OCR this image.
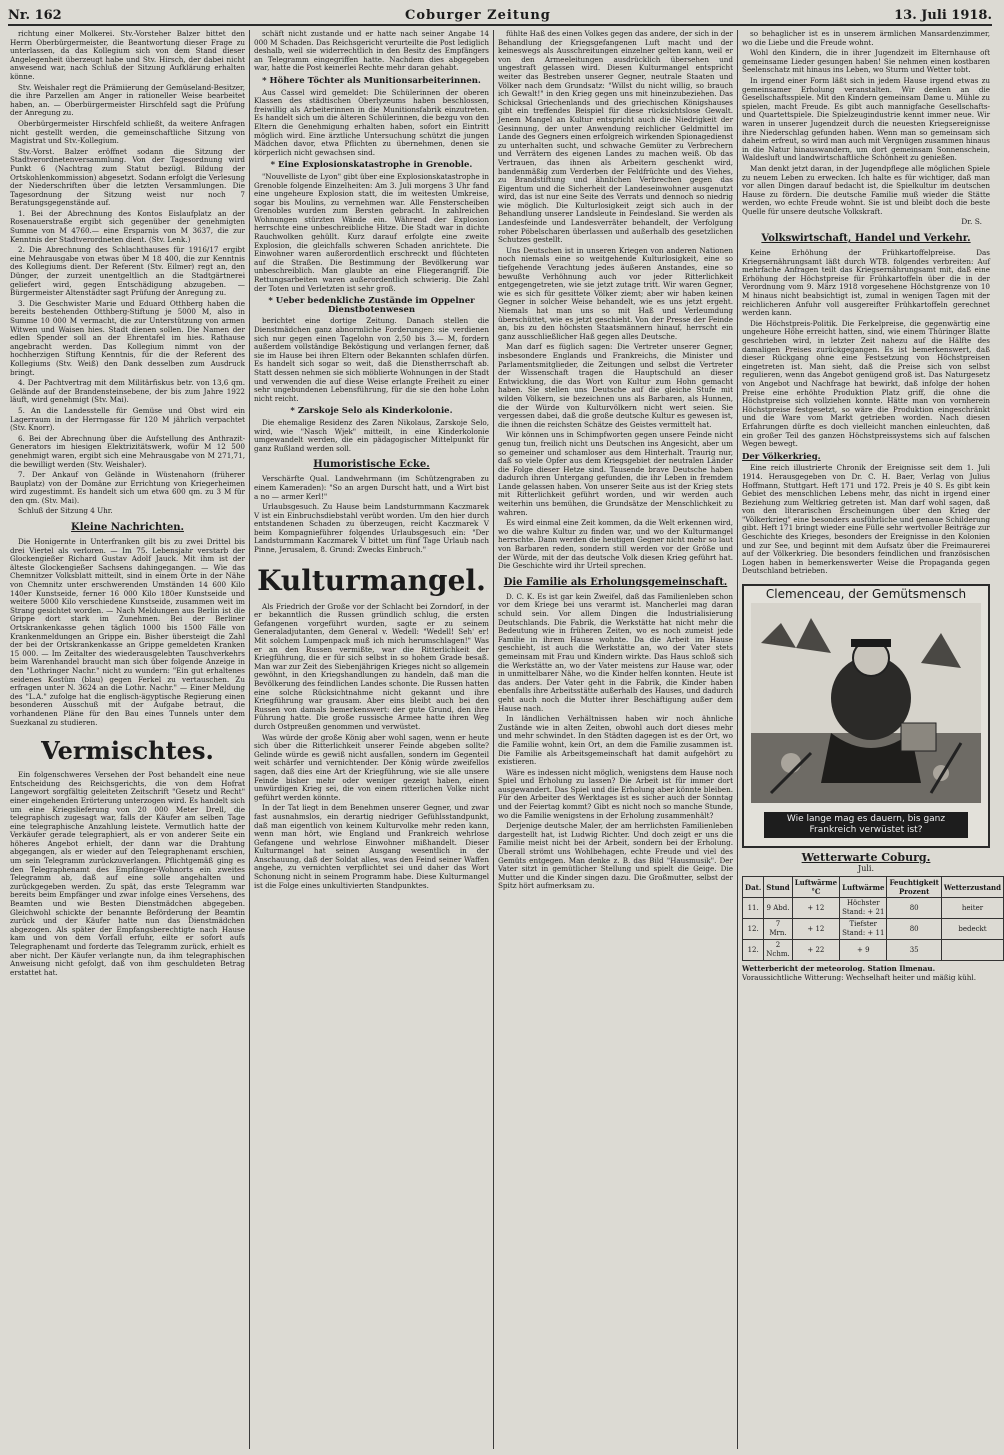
Nr. 162	Coburger Zeitung	13. Juli 1918.

richtung einer Molkerei. Stv.-Vorsteher Balzer bittet den Herrn Oberbürgermeister, die Beantwortung dieser Frage zu unterlassen, da das Kollegium sich von dem Stand dieser Angelegenheit überzeugt habe und Stv. Hirsch, der dabei nicht anwesend war, nach Schluß der Sitzung Aufklärung erhalten könne.

Stv. Weishaler regt die Prämiierung der Gemüseland-Besitzer, die ihre Parzellen am Anger in rationeller Weise bearbeitet haben, an. — Oberbürgermeister Hirschfeld sagt die Prüfung der Anregung zu.

Oberbürgermeister Hirschfeld schließt, da weitere Anfragen nicht gestellt werden, die gemeinschaftliche Sitzung von Magistrat und Stv.-Kollegium.

Stv.-Vorst. Balzer eröffnet sodann die Sitzung der Stadtverordnetenversammlung. Von der Tagesordnung wird Punkt 6 (Nachtrag zum Statut bezügl. Bildung der Ortskohlenkommission) abgesetzt. Sodann erfolgt die Verlesung der Niederschriften über die letzten Versammlungen. Die Tagesordnung der Sitzung weist nur noch 7 Beratungsgegenstände auf.

1. Bei der Abrechnung des Kontos Eislaufplatz an der Rosenauerstraße ergibt sich gegenüber der genehmigten Summe von M 4760.— eine Ersparnis von M 3637, die zur Kenntnis der Stadtverordneten dient. (Stv. Lenk.)

2. Die Abrechnung des Schlachthauses für 1916/17 ergibt eine Mehrausgabe von etwas über M 18 400, die zur Kenntnis des Kollegiums dient. Der Referent (Stv. Eilmer) regt an, den Dünger, der zurzeit unentgeltlich an die Stadtgärtnerei geliefert wird, gegen Entschädigung abzugeben. — Bürgermeister Altenstädter sagt Prüfung der Anregung zu.

3. Die Geschwister Marie und Eduard Otthberg haben die bereits bestehenden Otthberg-Stiftung je 5000 M, also in Summe 10 000 M vermacht, die zur Unterstützung von armen Witwen und Waisen hies. Stadt dienen sollen. Die Namen der edlen Spender soll an der Ehrentafel im hies. Rathause angebracht werden. Das Kollegium nimmt von der hochherzigen Stiftung Kenntnis, für die der Referent des Kollegiums (Stv. Weiß) den Dank desselben zum Ausdruck bringt.

4. Der Pachtvertrag mit dem Militärfiskus betr. von 13,6 qm. Gelände auf der Brandensteinsebene, der bis zum Jahre 1922 läuft, wird genehmigt (Stv. Mai).

5. An die Landesstelle für Gemüse und Obst wird ein Lagerraum in der Herrngasse für 120 M jährlich verpachtet (Stv. Knorr).

6. Bei der Abrechnung über die Aufstellung des Anthrazit-Generators im hiesigen Elektrizitätswerk, wofür M 12 500 genehmigt waren, ergibt sich eine Mehrausgabe von M 271,71, die bewilligt werden (Stv. Weishaler).

7. Der Ankauf von Gelände in Wüstenahorn (früherer Bauplatz) von der Domäne zur Errichtung von Kriegerheimen wird zugestimmt. Es handelt sich um etwa 600 qm. zu 3 M für den qm. (Stv. Mai).

Schluß der Sitzung 4 Uhr.

Kleine Nachrichten.

Die Honigernte in Unterfranken gilt bis zu zwei Drittel bis drei Viertel als verloren. — Im 75. Lebensjahr verstarb der Glockengießer Richard Gustav Adolf Jauck. Mit ihm ist der älteste Glockengießer Sachsens dahingegangen. — Wie das Chemnitzer Volksblatt mitteilt, sind in einem Orte in der Nähe von Chemnitz unter erschwerenden Umständen 14 600 Kilo 140er Kunstseide, ferner 16 000 Kilo 180er Kunstseide und weitere 5000 Kilo verschiedene Kunstseide, zusammen weit im Strang gesichtet worden. — Nach Meldungen aus Berlin ist die Grippe dort stark im Zunehmen. Bei der Berliner Ortskrankenkasse gehen täglich 1000 bis 1500 Fälle von Krankenmeldungen an Grippe ein. Bisher übersteigt die Zahl der bei der Ortskrankenkasse an Grippe gemeldeten Kranken 15 000. — Im Zeitalter des wiederausgelebten Tauschverkehrs beim Warenhandel braucht man sich über folgende Anzeige in den "Lothringer Nachr." nicht zu wundern: "Ein gut erhaltenes seidenes Kostüm (blau) gegen Ferkel zu vertauschen. Zu erfragen unter N. 3624 an die Lothr. Nachr." — Einer Meldung des "L.A." zufolge hat die englisch-ägyptische Regierung einen besonderen Ausschuß mit der Aufgabe betraut, die vorhandenen Pläne für den Bau eines Tunnels unter dem Suezkanal zu studieren.

Vermischtes.

Ein folgenschweres Versehen der Post behandelt eine neue Entscheidung des Reichsgerichts, die von dem Hofrat Langewort sorgfältig geleiteten Zeitschrift "Gesetz und Recht" einer eingehenden Erörterung unterzogen wird. Es handelt sich um eine Kriegslieferung von 20 000 Meter Drell, die telegraphisch zugesagt war, falls der Käufer am selben Tage eine telegraphische Anzahlung leistete. Vermutlich hatte der Verkäufer gerade telegraphiert, als er von anderer Seite ein höheres Angebot erhielt, der dann war die Drahtung abgegangen, als er wieder auf den Telegraphenamt erschien, um sein Telegramm zurückzuverlangen. Pflichtgemäß ging es den Telegraphenamt des Empfänger-Wohnorts ein zweites Telegramm ab, daß auf eine solle angehalten und zurückgegeben werden. Zu spät, das erste Telegramm war bereits beim Empfänger und zwar infolge eines Versehens, des Beamten und wie Besten Dienstmädchen abgegeben. Gleichwohl schickte der benannte Beförderung der Beamtin zurück und der Käufer hatte nun das Dienstmädchen abgezogen. Als später der Empfangsberechtigte nach Hause kam und von dem Vorfall erfuhr, eilte er sofort aufs Telegraphenamt und forderte das Telegramm zurück, erhielt es aber nicht. Der Käufer verlangte nun, da ihm telegraphischen Anweisung nicht gefolgt, daß von ihm geschuldeten Betrag erstattet hat.

schäft nicht zustande und er hatte nach seiner Angabe 14 000 M Schaden. Das Reichsgericht verurteilte die Post lediglich deshalb, weil sie widerrechtlich in den Besitz des Empfängers an Telegramm eingegriffen hatte. Nachdem dies abgegeben war, hatte die Post keinerlei Rechte mehr daran gehabt.

* Höhere Töchter als Munitionsarbeiterinnen.

Aus Cassel wird gemeldet: Die Schülerinnen der oberen Klassen des städtischen Oberlyzeums haben beschlossen, freiwillig als Arbeiterinnen in die Munitionsfabrik einzutreten. Es handelt sich um die älteren Schülerinnen, die bezgu von den Eltern die Genehmigung erhalten haben, sofort ein Eintritt möglich wird. Eine ärztliche Untersuchung schützt die jungen Mädchen davor, etwa Pflichten zu übernehmen, denen sie körperlich nicht gewachsen sind.

* Eine Explosionskatastrophe in Grenoble.

"Nouvelliste de Lyon" gibt über eine Explosionskatastrophe in Grenoble folgende Einzelheiten: Am 3. Juli morgens 3 Uhr fand eine ungeheure Explosion statt, die im weitesten Umkreise, sogar bis Moulins, zu vernehmen war. Alle Fensterscheiben Grenobles wurden zum Bersten gebracht. In zahlreichen Wohnungen stürzten Wände ein. Während der Explosion herrschte eine unbeschreibliche Hitze. Die Stadt war in dichte Rauchwolken gehüllt. Kurz darauf erfolgte eine zweite Explosion, die gleichfalls schweren Schaden anrichtete. Die Einwohner waren außerordentlich erschreckt und flüchteten auf die Straßen. Die Bestimmung der Bevölkerung war unbeschreiblich. Man glaubte an eine Fliegerangriff. Die Rettungsarbeiten waren außerordentlich schwierig. Die Zahl der Toten und Verletzten ist sehr groß.

* Ueber bedenkliche Zustände im Oppelner Dienstbotenwesen

berichtet eine dortige Zeitung. Danach stellen die Dienstmädchen ganz abnormliche Forderungen: sie verdienen sich nur gegen einen Tagelohn von 2,50 bis 3.— M, fordern außerdem vollständige Beköstigung und verlangen ferner, daß sie im Hause bei ihren Eltern oder Bekannten schlafen dürfen. Es handelt sich sogar so weit, daß die Dienstherrschaft ab. Statt dessen nehmen sie sich möblierte Wohnungen in der Stadt und verwenden die auf diese Weise erlangte Freiheit zu einer sehr ungebundenen Lebensführung, für die sie den hohe Lohn nicht reicht.

* Zarskoje Selo als Kinderkolonie.

Die ehemalige Residenz des Zaren Nikolaus, Zarskoje Selo, wird, wie "Nasch Wjek" mitteilt, in eine Kinderkolonie umgewandelt werden, die ein pädagogischer Mittelpunkt für ganz Rußland werden soll.

Humoristische Ecke.

Verschärfte Qual. Landwehrmann (im Schützengraben zu einem Kameraden): "So an argen Durscht hatt, und a Wirt bist a no — armer Kerl!"

Urlaubsgesuch. Zu Hause beim Landsturmmann Kaczmarek V ist ein Einbruchsdiebstahl verübt worden. Um den hier durch entstandenen Schaden zu überzeugen, reicht Kaczmarek V beim Kompagnieführer folgendes Urlaubsgesuch ein: "Der Landsturmmann Kaczmarek V bittet um fünf Tage Urlaub nach Pinne, Jerusalem, 8. Grund: Zwecks Einbruch."

Kulturmangel.

Als Friedrich der Große vor der Schlacht bei Zorndorf, in der er bekanntlich die Russen gründlich schlug, die ersten Gefangenen vorgeführt wurden, sagte er zu seinem Generaladjutanten, dem General v. Wedell: "Wedell! Seh' er! Mit solchem Lumpenpack muß ich mich herumschlagen!" Was er an den Russen vermißte, war die Ritterlichkeit der Kriegführung, die er für sich selbst in so hohem Grade besaß. Man war zur Zeit des Siebenjährigen Krieges nicht so allgemein gewöhnt, in den Kriegshandlungen zu handeln, daß man die Bevölkerung des feindlichen Landes schonte. Die Russen hatten eine solche Rücksichtnahme nicht gekannt und ihre Kriegführung war grausam. Aber eins bleibt auch bei den Russen von damals bemerkenswert: der gute Grund, den ihre Führung hatte. Die große russische Armee hatte ihren Weg durch Ostpreußen genommen und verwüstet.

Was würde der große König aber wohl sagen, wenn er heute sich über die Ritterlichkeit unserer Feinde abgeben sollte? Gelinde würde es gewiß nicht ausfallen, sondern im Gegenteil weit schärfer und vernichtender. Der König würde zweifellos sagen, daß dies eine Art der Kriegführung, wie sie alle unsere Feinde bisher mehr oder weniger gezeigt haben, einen unwürdigen Krieg sei, die von einem ritterlichen Volke nicht geführt werden könnte.

In der Tat liegt in dem Benehmen unserer Gegner, und zwar fast ausnahmslos, ein derartig niedriger Gefühlsstandpunkt, daß man eigentlich von keinem Kulturvolke mehr reden kann, wenn man hört, wie England und Frankreich wehrlose Gefangene und wehrlose Einwohner mißhandelt. Dieser Kulturmangel hat seinen Ausgang wesentlich in der Anschauung, daß der Soldat alles, was den Feind seiner Waffen angehe, zu vernichten verpflichtet sei und daher das Wort Schonung nicht in seinem Programm habe. Diese Kulturmangel ist die Folge eines unkultivierten Standpunktes.

fühlte Haß des einen Volkes gegen das andere, der sich in der Behandlung der Kriegsgefangenen Luft macht und der keineswegs als Ausschreitungen einzelner gelten kann, weil er von den Armeeleitungen ausdrücklich übersehen und ungestraft gelassen wird. Diesen Kulturmangel entspricht weiter das Bestreben unserer Gegner, neutrale Staaten und Völker nach dem Grundsatz: "Willst du nicht willig, so brauch ich Gewalt!" in den Krieg gegen uns mit hineinzubeziehen. Das Schicksal Griechenlands und des griechischen Königshauses gibt ein treffendes Beispiel für diese rücksichtslose Gewalt. Jenem Mangel an Kultur entspricht auch die Niedrigkeit der Gesinnung, der unter Anwendung reichlicher Geldmittel im Lande des Gegners einen erfolgreich wirkenden Spionagedienst zu unterhalten sucht, und schwache Gemüter zu Verbrechern und Verrätern des eigenen Landes zu machen weiß. Ob das Vertrauen, das ihnen als Arbeitern geschenkt wird, bandenmäßig zum Verderben der Feldfrüchte und des Viehes, zu Brandstiftung und ähnlichen Verbrechen gegen das Eigentum und die Sicherheit der Landeseinwohner ausgenutzt wird, das ist nur eine Seite des Verrats und dennoch so niedrig wie möglich. Die Kulturlosigkeit zeigt sich auch in der Behandlung unserer Landsleute in Feindesland. Sie werden als Landesfeinde und Landesverräter behandelt, der Verfolgung roher Pöbelscharen überlassen und außerhalb des gesetzlichen Schutzes gestellt.

Uns Deutschen ist in unseren Kriegen von anderen Nationen noch niemals eine so weitgehende Kulturlosigkeit, eine so tiefgehende Verachtung jedes äußeren Anstandes, eine so bewußte Verhöhnung auch vor jeder Ritterlichkeit entgegengetreten, wie sie jetzt zutage tritt. Wir waren Gegner, wie es sich für gesittete Völker ziemt; aber wir haben keinen Gegner in solcher Weise behandelt, wie es uns jetzt ergeht. Niemals hat man uns so mit Haß und Verleumdung überschüttet, wie es jetzt geschieht. Von der Presse der Feinde an, bis zu den höchsten Staatsmännern hinauf, herrscht ein ganz ausschließlicher Haß gegen alles Deutsche.

Man darf es füglich sagen: Die Vertreter unserer Gegner, insbesondere Englands und Frankreichs, die Minister und Parlamentsmitglieder, die Zeitungen und selbst die Vertreter der Wissenschaft tragen die Hauptschuld an dieser Entwicklung, die das Wort von Kultur zum Hohn gemacht haben. Sie stellen uns Deutsche auf die gleiche Stufe mit wilden Völkern, sie bezeichnen uns als Barbaren, als Hunnen, die der Würde von Kulturvölkern nicht wert seien. Sie vergessen dabei, daß die große deutsche Kultur es gewesen ist, die ihnen die reichsten Schätze des Geistes vermittelt hat.

Wir können uns in Schimpfworten gegen unsere Feinde nicht genug tun, freilich nicht uns Deutschen ins Angesicht, aber um so gemeiner und schamloser aus dem Hinterhalt. Traurig nur, daß so viele Opfer aus dem Kriegsgebiet der neutralen Länder die Folge dieser Hetze sind. Tausende brave Deutsche haben dadurch ihren Untergang gefunden, die ihr Leben in fremdem Lande gelassen haben. Von unserer Seite aus ist der Krieg stets mit Ritterlichkeit geführt worden, und wir werden auch weiterhin uns bemühen, die Grundsätze der Menschlichkeit zu wahren.

Es wird einmal eine Zeit kommen, da die Welt erkennen wird, wo die wahre Kultur zu finden war, und wo der Kulturmangel herrschte. Dann werden die heutigen Gegner nicht mehr so laut von Barbaren reden, sondern still werden vor der Größe und der Würde, mit der das deutsche Volk diesen Krieg geführt hat. Die Geschichte wird ihr Urteil sprechen.

Die Familie als Erholungsgemeinschaft.

D. C. K. Es ist gar kein Zweifel, daß das Familienleben schon vor dem Kriege bei uns verarmt ist. Mancherlei mag daran schuld sein. Vor allem Dingen die Industrialisierung Deutschlands. Die Fabrik, die Werkstätte hat nicht mehr die Bedeutung wie in früheren Zeiten, wo es noch zumeist jede Familie in ihrem Hause wohnte. Da die Arbeit im Hause geschieht, ist auch die Werkstätte an, wo der Vater stets gemeinsam mit Frau und Kindern wirkte. Das Haus schloß sich die Werkstätte an, wo der Vater meistens zur Hause war, oder in unmittelbarer Nähe, wo die Kinder helfen konnten. Heute ist das anders. Der Vater geht in die Fabrik, die Kinder haben ebenfalls ihre Arbeitsstätte außerhalb des Hauses, und dadurch geht auch noch die Mutter ihrer Beschäftigung außer dem Hause nach.

In ländlichen Verhältnissen haben wir noch ähnliche Zustände wie in alten Zeiten, obwohl auch dort dieses mehr und mehr schwindet. In den Städten dagegen ist es der Ort, wo die Familie wohnt, kein Ort, an dem die Familie zusammen ist. Die Familie als Arbeitsgemeinschaft hat damit aufgehört zu existieren.

Wäre es indessen nicht möglich, wenigstens dem Hause noch Spiel und Erholung zu lassen? Die Arbeit ist für immer dort ausgewandert. Das Spiel und die Erholung aber könnte bleiben. Für den Arbeiter des Werktages ist es sicher auch der Sonntag und der Feiertag kommt? Gibt es nicht noch so manche Stunde, wo die Familie wenigstens in der Erholung zusammenhält?

Derjenige deutsche Maler, der am herrlichsten Familienleben dargestellt hat, ist Ludwig Richter. Und doch zeigt er uns die Familie meist nicht bei der Arbeit, sondern bei der Erholung. Überall strömt uns Wohlbehagen, echte Freude und viel des Gemüts entgegen. Man denke z. B. das Bild "Hausmusik". Der Vater sitzt in gemütlicher Stellung und spielt die Geige. Die Mutter und die Kinder singen dazu. Die Großmutter, selbst der Spitz hört aufmerksam zu.

so behaglicher ist es in unserem ärmlichen Mansardenzimmer, wo die Liebe und die Freude wohnt.

Wohl den Kindern, die in ihrer Jugendzeit im Elternhause oft gemeinsame Lieder gesungen haben! Sie nehmen einen kostbaren Seelenschatz mit hinaus ins Leben, wo Sturm und Wetter tobt.

In irgend einer Form läßt sich in jedem Hause irgend etwas zu gemeinsamer Erholung veranstalten. Wir denken an die Gesellschaftsspiele. Mit den Kindern gemeinsam Dame u. Mühle zu spielen, macht Freude. Es gibt auch mannigfache Gesellschafts- und Quartettspiele. Die Spielzeugindustrie kennt immer neue. Wir waren in unserer Jugendzeit durch die neuesten Kriegsereignisse ihre Niederschlag gefunden haben. Wenn man so gemeinsam sich daheim erfreut, so wird man auch mit Vergnügen zusammen hinaus in die Natur hinauswandern, um dort gemeinsam Sonnenschein, Waldesluft und landwirtschaftliche Schönheit zu genießen.

Man denkt jetzt daran, in der Jugendpflege alle möglichen Spiele zu neuem Leben zu erwecken. Ich halte es für wichtiger, daß man vor allen Dingen darauf bedacht ist, die Spielkultur im deutschen Hause zu fördern. Die deutsche Familie muß wieder die Stätte werden, wo echte Freude wohnt. Sie ist und bleibt doch die beste Quelle für unsere deutsche Volkskraft.

Dr. S.
Volkswirtschaft, Handel und Verkehr.

Keine Erhöhung der Frühkartoffelpreise. Das Kriegsernährungsamt läßt durch WTB. folgendes verbreiten: Auf mehrfache Anfragen teilt das Kriegsernährungsamt mit, daß eine Erhöhung der Höchstpreise für Frühkartoffeln über die in der Verordnung vom 9. März 1918 vorgesehene Höchstgrenze von 10 M hinaus nicht beabsichtigt ist, zumal in wenigen Tagen mit der reichlicheren Anfuhr voll ausgereifter Frühkartoffeln gerechnet werden kann.

Die Höchstpreis-Politik. Die Ferkelpreise, die gegenwärtig eine ungeheure Höhe erreicht hatten, sind, wie einem Thüringer Blatte geschrieben wird, in letzter Zeit nahezu auf die Hälfte des damaligen Preises zurückgegangen. Es ist bemerkenswert, daß dieser Rückgang ohne eine Festsetzung von Höchstpreisen eingetreten ist. Man sieht, daß die Preise sich von selbst regulieren, wenn das Angebot genügend groß ist. Das Naturgesetz von Angebot und Nachfrage hat bewirkt, daß infolge der hohen Preise eine erhöhte Produktion Platz griff, die ohne die Höchstpreise sich vollziehen konnte. Hätte man von vornherein Höchstpreise festgesetzt, so wäre die Produktion eingeschränkt und die Ware vom Markt getrieben worden. Nach diesen Erfahrungen dürfte es doch vielleicht manchen einleuchten, daß ein großer Teil des ganzen Höchstpreissystems sich auf falschen Wegen bewegt.

Der Völkerkrieg.

Eine reich illustrierte Chronik der Ereignisse seit dem 1. Juli 1914. Herausgegeben von Dr. C. H. Baer, Verlag von Julius Hoffmann, Stuttgart. Heft 171 und 172. Preis je 40 S. Es gibt kein Gebiet des menschlichen Lebens mehr, das nicht in irgend einer Beziehung zum Weltkrieg getreten ist. Man darf wohl sagen, daß von den literarischen Erscheinungen über den Krieg der "Völkerkrieg" eine besonders ausführliche und genaue Schilderung gibt. Heft 171 bringt wieder eine Fülle sehr wertvoller Beiträge zur Geschichte des Krieges, besonders der Ereignisse in den Kolonien und zur See, und beginnt mit dem Aufsatz über die Freimaurerei auf der Völkerkrieg. Die besonders feindlichen und französischen Logen haben in bemerkenswerter Weise die Propaganda gegen Deutschland betrieben.

Clemenceau, der Gemütsmensch
Wie lange mag es dauern, bis ganz Frankreich verwüstet ist?
Wetterwarte Coburg.
Juli.
Dat.	Stund	Luftwärme °C	Luftwärme	Feuchtigkeit Prozent	Wetterzustand
11.	9 Abd.	+ 12	Höchster Stand: + 21	80	heiter
12.	7 Mrn.	+ 12	Tiefster Stand: + 11	80	bedeckt
12.	2 Nchm.	+ 22	+ 9	35	
Wetterbericht der meteorolog. Station Ilmenau.
Voraussichtliche Witterung: Wechselhaft heiter und mäßig kühl.
